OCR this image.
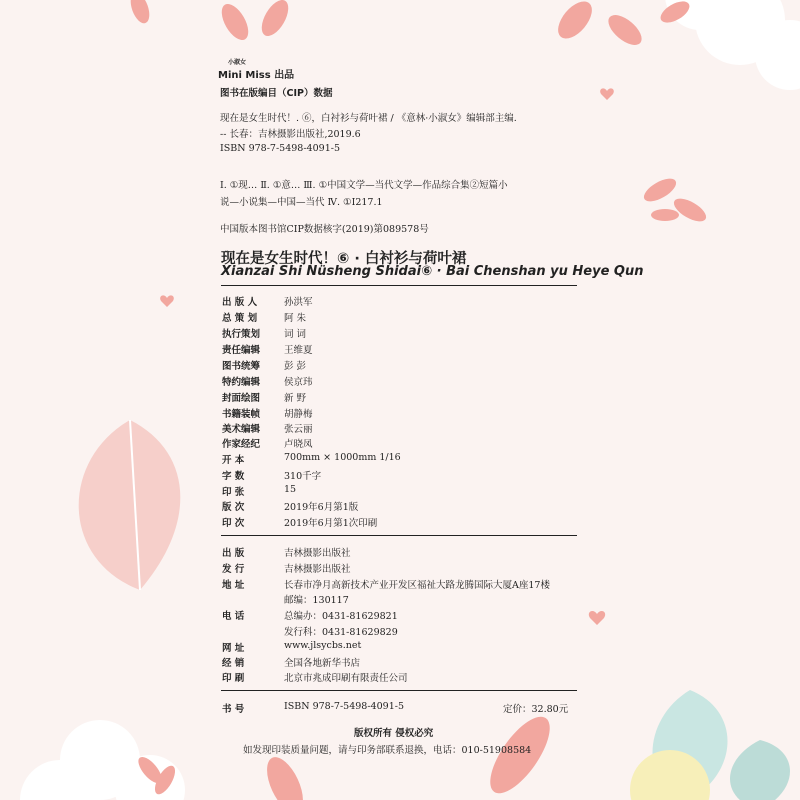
小淑女
Mini Miss 出品
图书在版编目（CIP）数据
现在是女生时代！. ⑥，白衬衫与荷叶裙 / 《意林·小淑女》编辑部主编.
-- 长春：吉林摄影出版社,2019.6
ISBN 978-7-5498-4091-5
Ⅰ. ①现… Ⅱ. ①意… Ⅲ. ①中国文学—当代文学—作品综合集②短篇小
说—小说集—中国—当代 Ⅳ. ①I217.1
中国版本图书馆CIP数据核字(2019)第089578号
现在是女生时代！⑥ · 白衬衫与荷叶裙
Xianzai Shi Nüsheng Shidai⑥ · Bai Chenshan yu Heye Qun
出 版 人	孙洪军
总 策 划	阿 朱
执行策划	词 词
责任编辑	王维夏
图书统筹	彭 彭
特约编辑	侯京玮
封面绘图	新 野
书籍装帧	胡静梅
美术编辑	张云丽
作家经纪	卢晓凤
开 本	700mm × 1000mm 1/16
字 数	310千字
印 张	15
版 次	2019年6月第1版
印 次	2019年6月第1次印刷
出 版	吉林摄影出版社
发 行	吉林摄影出版社
地 址	长春市净月高新技术产业开发区福祉大路龙腾国际大厦A座17楼
邮编：130117
电 话	总编办：0431-81629821
发行科：0431-81629829
网 址	www.jlsycbs.net
经 销	全国各地新华书店
印 刷	北京市兆成印刷有限责任公司
书 号	ISBN 978-7-5498-4091-5	定价：32.80元
版权所有 侵权必究
如发现印装质量问题，请与印务部联系退换，电话：010-51908584
